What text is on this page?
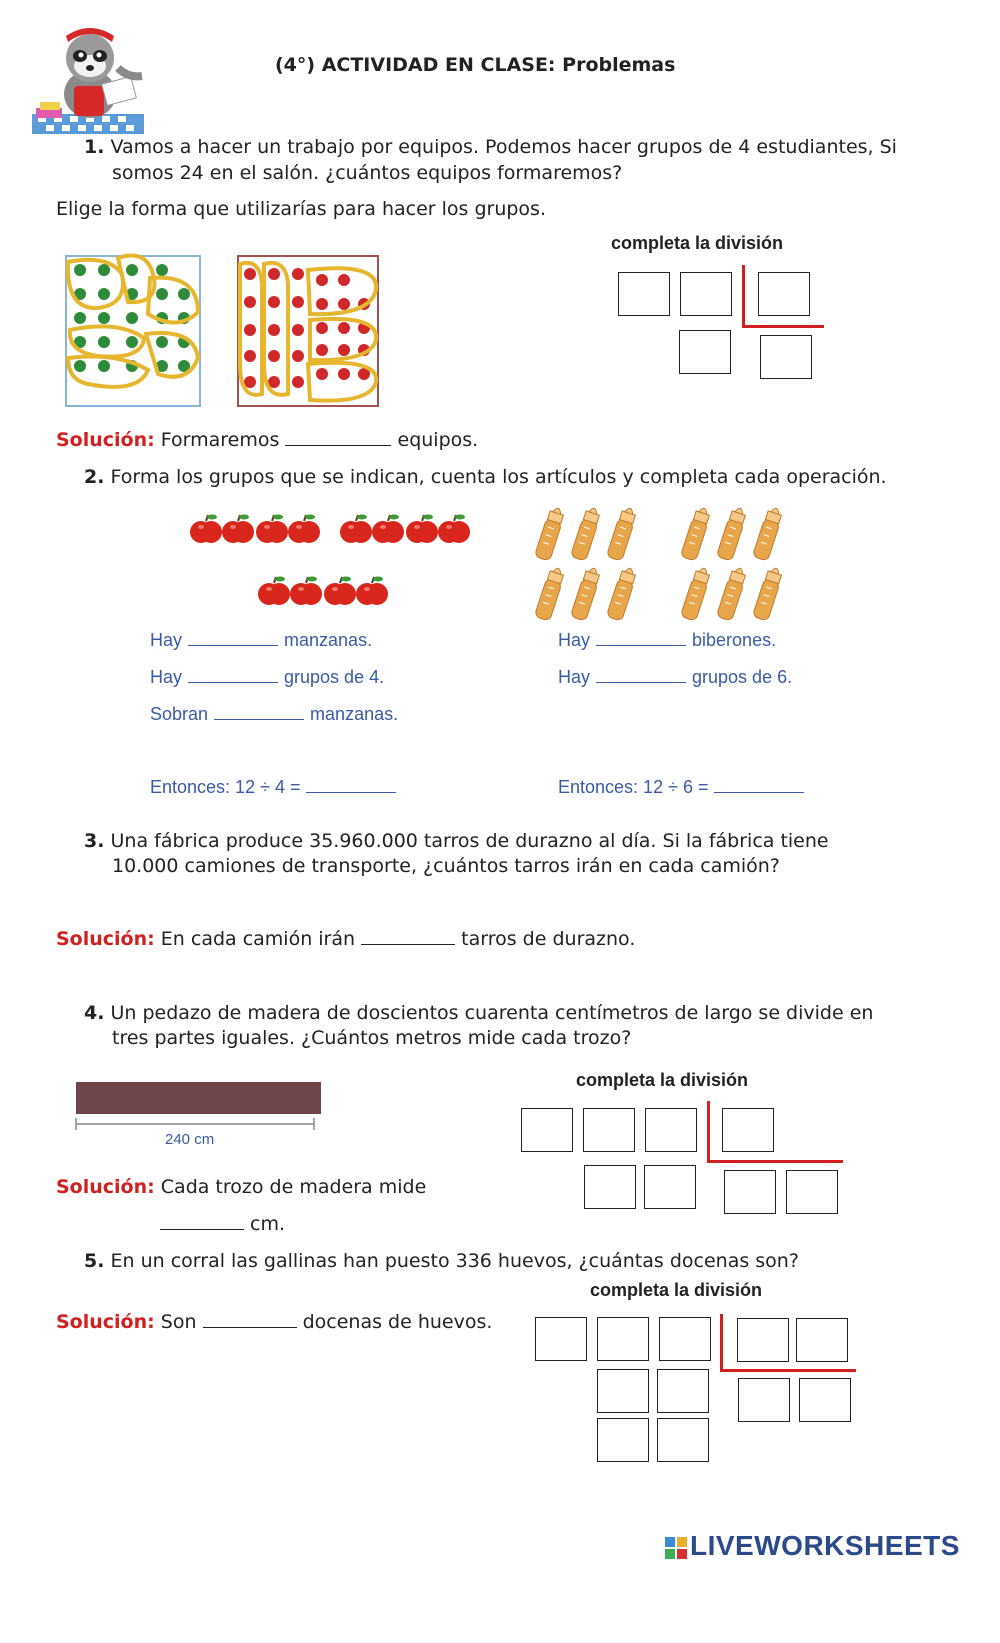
(4°) ACTIVIDAD EN CLASE: Problemas
1. Vamos a hacer un trabajo por equipos. Podemos hacer grupos de 4 estudiantes, Si
somos 24 en el salón. ¿cuántos equipos formaremos?
Elige la forma que utilizarías para hacer los grupos.
completa la división
Solución: Formaremos	equipos.
2. Forma los grupos que se indican, cuenta los artículos y completa cada operación.
Hay	manzanas.
Hay	grupos de 4.
Sobran	manzanas.
Entonces: 12 ÷ 4 =
Hay	biberones.
Hay	grupos de 6.
Entonces: 12 ÷ 6 =
3. Una fábrica produce 35.960.000 tarros de durazno al día. Si la fábrica tiene
10.000 camiones de transporte, ¿cuántos tarros irán en cada camión?
Solución: En cada camión irán	tarros de durazno.
4. Un pedazo de madera de doscientos cuarenta centímetros de largo se divide en
tres partes iguales. ¿Cuántos metros mide cada trozo?
240 cm
completa la división
Solución: Cada trozo de madera mide
cm.
5. En un corral las gallinas han puesto 336 huevos, ¿cuántas docenas son?
completa la división
Solución: Son	docenas de huevos.
LIVEWORKSHEETS
